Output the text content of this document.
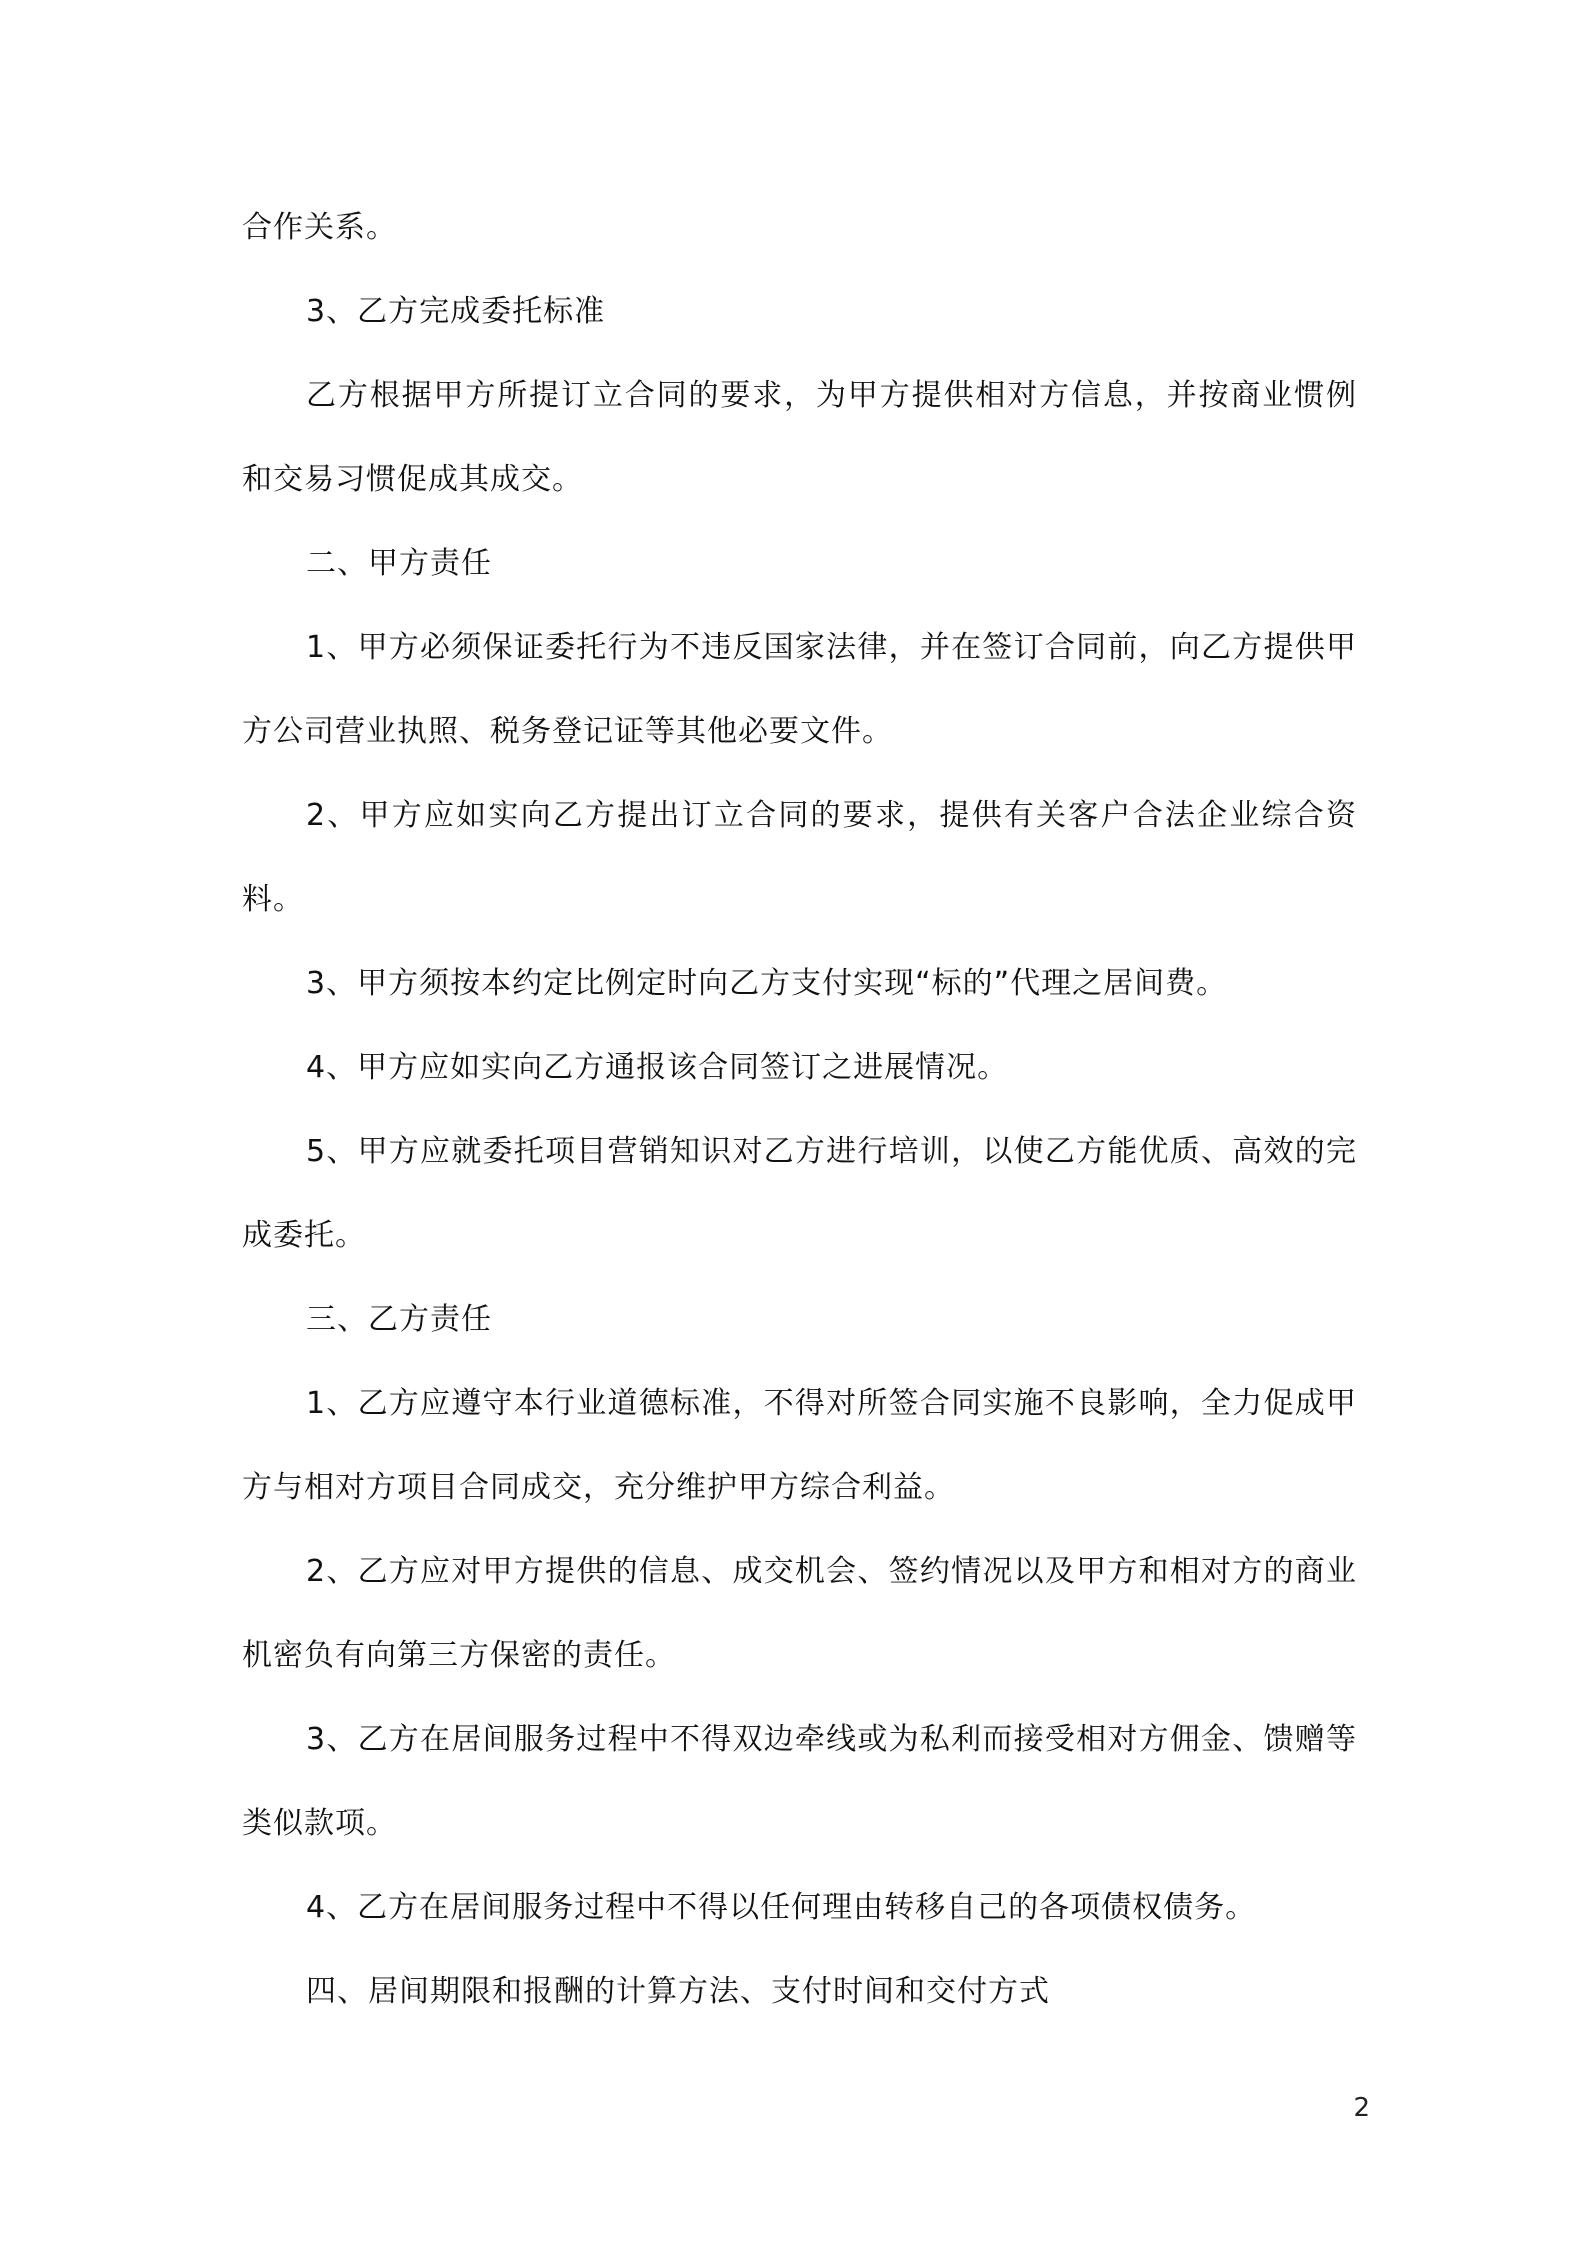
合作关系。

3、乙方完成委托标准

乙方根据甲方所提订立合同的要求，为甲方提供相对方信息，并按商业惯例和交易习惯促成其成交。

二、甲方责任

1、甲方必须保证委托行为不违反国家法律，并在签订合同前，向乙方提供甲方公司营业执照、税务登记证等其他必要文件。

2、甲方应如实向乙方提出订立合同的要求，提供有关客户合法企业综合资料。

3、甲方须按本约定比例定时向乙方支付实现“标的”代理之居间费。

4、甲方应如实向乙方通报该合同签订之进展情况。

5、甲方应就委托项目营销知识对乙方进行培训，以使乙方能优质、高效的完成委托。

三、乙方责任

1、乙方应遵守本行业道德标准，不得对所签合同实施不良影响，全力促成甲方与相对方项目合同成交，充分维护甲方综合利益。

2、乙方应对甲方提供的信息、成交机会、签约情况以及甲方和相对方的商业机密负有向第三方保密的责任。

3、乙方在居间服务过程中不得双边牵线或为私利而接受相对方佣金、馈赠等类似款项。

4、乙方在居间服务过程中不得以任何理由转移自己的各项债权债务。

四、居间期限和报酬的计算方法、支付时间和交付方式

2
